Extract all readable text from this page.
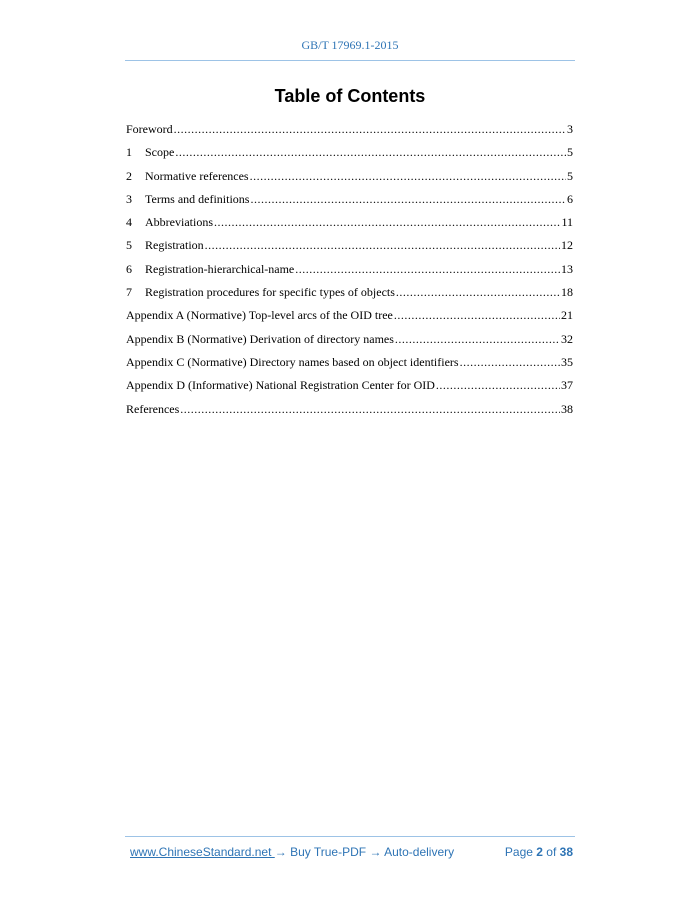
GB/T 17969.1-2015
Table of Contents
Foreword .....	3
1	Scope .....	5
2	Normative references .....	5
3	Terms and definitions .....	6
4	Abbreviations .....	11
5	Registration .....	12
6	Registration-hierarchical-name .....	13
7	Registration procedures for specific types of objects .....	18
Appendix A (Normative) Top-level arcs of the OID tree .....	21
Appendix B (Normative) Derivation of directory names .....	32
Appendix C (Normative) Directory names based on object identifiers .....	35
Appendix D (Informative) National Registration Center for OID .....	37
References .....	38
www.ChineseStandard.net → Buy True-PDF → Auto-delivery	Page 2 of 38
